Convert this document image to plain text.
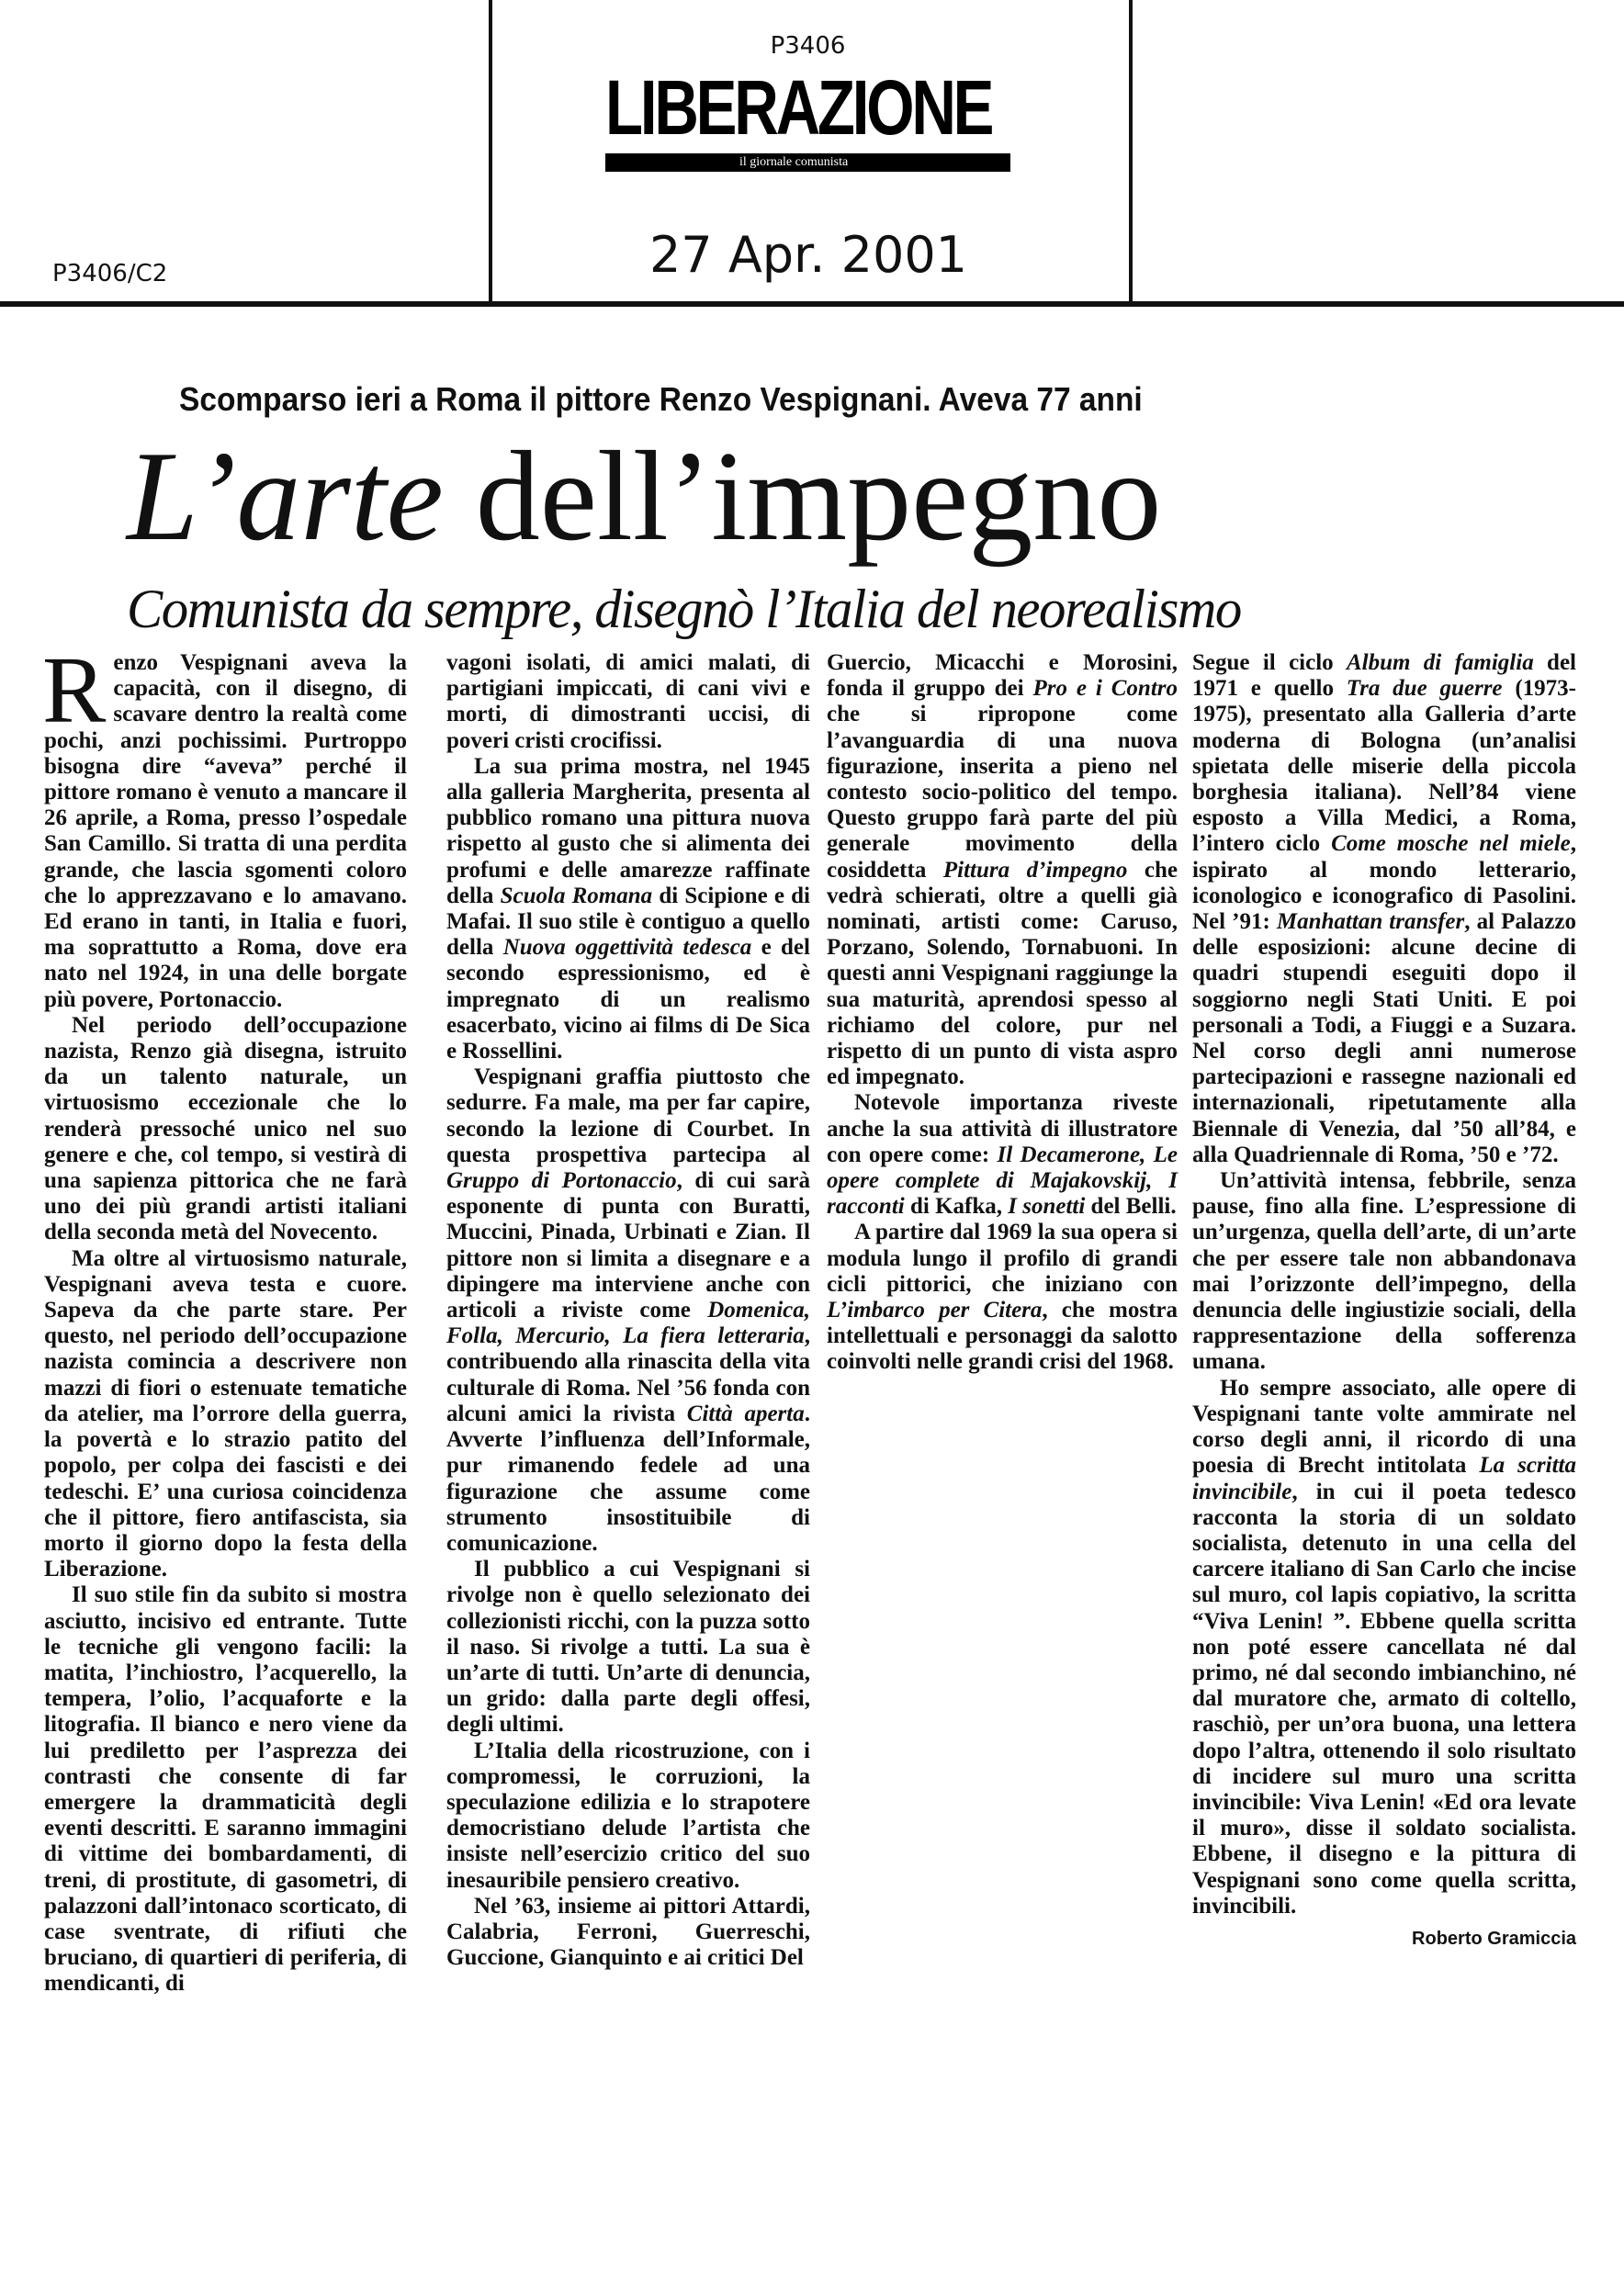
P3406
LIBERAZIONE
il giornale comunista
27 Apr. 2001
P3406/C2
Scomparso ieri a Roma il pittore Renzo Vespignani. Aveva 77 anni
L’arte dell’impegno
Comunista da sempre, disegnò l’Italia del neorealismo

Renzo Vespignani aveva la capacità, con il disegno, di scavare dentro la realtà come pochi, anzi pochissimi. Purtroppo bisogna dire “aveva” perché il pittore romano è venuto a mancare il 26 aprile, a Roma, presso l’ospedale San Camillo. Si tratta di una perdita grande, che lascia sgomenti coloro che lo apprezzavano e lo amavano. Ed erano in tanti, in Italia e fuori, ma soprattutto a Roma, dove era nato nel 1924, in una delle borgate più povere, Portonaccio.

Nel periodo dell’occupazione nazista, Renzo già disegna, istruito da un talento naturale, un virtuosismo eccezionale che lo renderà pressoché unico nel suo genere e che, col tempo, si vestirà di una sapienza pittorica che ne farà uno dei più grandi artisti italiani della seconda metà del Novecento.

Ma oltre al virtuosismo naturale, Vespignani aveva testa e cuore. Sapeva da che parte stare. Per questo, nel periodo dell’occupazione nazista comincia a descrivere non mazzi di fiori o estenuate tematiche da atelier, ma l’orrore della guerra, la povertà e lo strazio patito del popolo, per colpa dei fascisti e dei tedeschi. E’ una curiosa coincidenza che il pittore, fiero antifascista, sia morto il giorno dopo la festa della Liberazione.

Il suo stile fin da subito si mostra asciutto, incisivo ed entrante. Tutte le tecniche gli vengono facili: la matita, l’inchiostro, l’acquerello, la tempera, l’olio, l’acquaforte e la litografia. Il bianco e nero viene da lui prediletto per l’asprezza dei contrasti che consente di far emergere la drammaticità degli eventi descritti. E saranno immagini di vittime dei bombardamenti, di treni, di prostitute, di gasometri, di palazzoni dall’intonaco scorticato, di case sventrate, di rifiuti che bruciano, di quartieri di periferia, di mendicanti, di

vagoni isolati, di amici malati, di partigiani impiccati, di cani vivi e morti, di dimostranti uccisi, di poveri cristi crocifissi.

La sua prima mostra, nel 1945 alla galleria Margherita, presenta al pubblico romano una pittura nuova rispetto al gusto che si alimenta dei profumi e delle amarezze raffinate della Scuola Romana di Scipione e di Mafai. Il suo stile è contiguo a quello della Nuova oggettività tedesca e del secondo espressionismo, ed è impregnato di un realismo esacerbato, vicino ai films di De Sica e Rossellini.

Vespignani graffia piuttosto che sedurre. Fa male, ma per far capire, secondo la lezione di Courbet. In questa prospettiva partecipa al Gruppo di Portonaccio, di cui sarà esponente di punta con Buratti, Muccini, Pinada, Urbinati e Zian. Il pittore non si limita a disegnare e a dipingere ma interviene anche con articoli a riviste come Domenica, Folla, Mercurio, La fiera letteraria, contribuendo alla rinascita della vita culturale di Roma. Nel ’56 fonda con alcuni amici la rivista Città aperta. Avverte l’influenza dell’Informale, pur rimanendo fedele ad una figurazione che assume come strumento insostituibile di comunicazione.

Il pubblico a cui Vespignani si rivolge non è quello selezionato dei collezionisti ricchi, con la puzza sotto il naso. Si rivolge a tutti. La sua è un’arte di tutti. Un’arte di denuncia, un grido: dalla parte degli offesi, degli ultimi.

L’Italia della ricostruzione, con i compromessi, le corruzioni, la speculazione edilizia e lo strapotere democristiano delude l’artista che insiste nell’esercizio critico del suo inesauribile pensiero creativo.

Nel ’63, insieme ai pittori Attardi, Calabria, Ferroni, Guerreschi, Guccione, Gianquinto e ai critici Del

Guercio, Micacchi e Morosini, fonda il gruppo dei Pro e i Contro che si ripropone come l’avanguardia di una nuova figurazione, inserita a pieno nel contesto socio-politico del tempo. Questo gruppo farà parte del più generale movimento della cosiddetta Pittura d’impegno che vedrà schierati, oltre a quelli già nominati, artisti come: Caruso, Porzano, Solendo, Tornabuoni. In questi anni Vespignani raggiunge la sua maturità, aprendosi spesso al richiamo del colore, pur nel rispetto di un punto di vista aspro ed impegnato.

Notevole importanza riveste anche la sua attività di illustratore con opere come: Il Decamerone, Le opere complete di Majakovskij, I racconti di Kafka, I sonetti del Belli.

A partire dal 1969 la sua opera si modula lungo il profilo di grandi cicli pittorici, che iniziano con L’imbarco per Citera, che mostra intellettuali e personaggi da salotto coinvolti nelle grandi crisi del 1968.

Segue il ciclo Album di famiglia del 1971 e quello Tra due guerre (1973-1975), presentato alla Galleria d’arte moderna di Bologna (un’analisi spietata delle miserie della piccola borghesia italiana). Nell’84 viene esposto a Villa Medici, a Roma, l’intero ciclo Come mosche nel miele, ispirato al mondo letterario, iconologico e iconografico di Pasolini. Nel ’91: Manhattan transfer, al Palazzo delle esposizioni: alcune decine di quadri stupendi eseguiti dopo il soggiorno negli Stati Uniti. E poi personali a Todi, a Fiuggi e a Suzara. Nel corso degli anni numerose partecipazioni e rassegne nazionali ed internazionali, ripetutamente alla Biennale di Venezia, dal ’50 all’84, e alla Quadriennale di Roma, ’50 e ’72.

Un’attività intensa, febbrile, senza pause, fino alla fine. L’espressione di un’urgenza, quella dell’arte, di un’arte che per essere tale non abbandonava mai l’orizzonte dell’impegno, della denuncia delle ingiustizie sociali, della rappresentazione della sofferenza umana.

Ho sempre associato, alle opere di Vespignani tante volte ammirate nel corso degli anni, il ricordo di una poesia di Brecht intitolata La scritta invincibile, in cui il poeta tedesco racconta la storia di un soldato socialista, detenuto in una cella del carcere italiano di San Carlo che incise sul muro, col lapis copiativo, la scritta “Viva Lenin! ”. Ebbene quella scritta non poté essere cancellata né dal primo, né dal secondo imbianchino, né dal muratore che, armato di coltello, raschiò, per un’ora buona, una lettera dopo l’altra, ottenendo il solo risultato di incidere sul muro una scritta invincibile: Viva Lenin! «Ed ora levate il muro», disse il soldato socialista. Ebbene, il disegno e la pittura di Vespignani sono come quella scritta, invincibili.

Roberto Gramiccia
